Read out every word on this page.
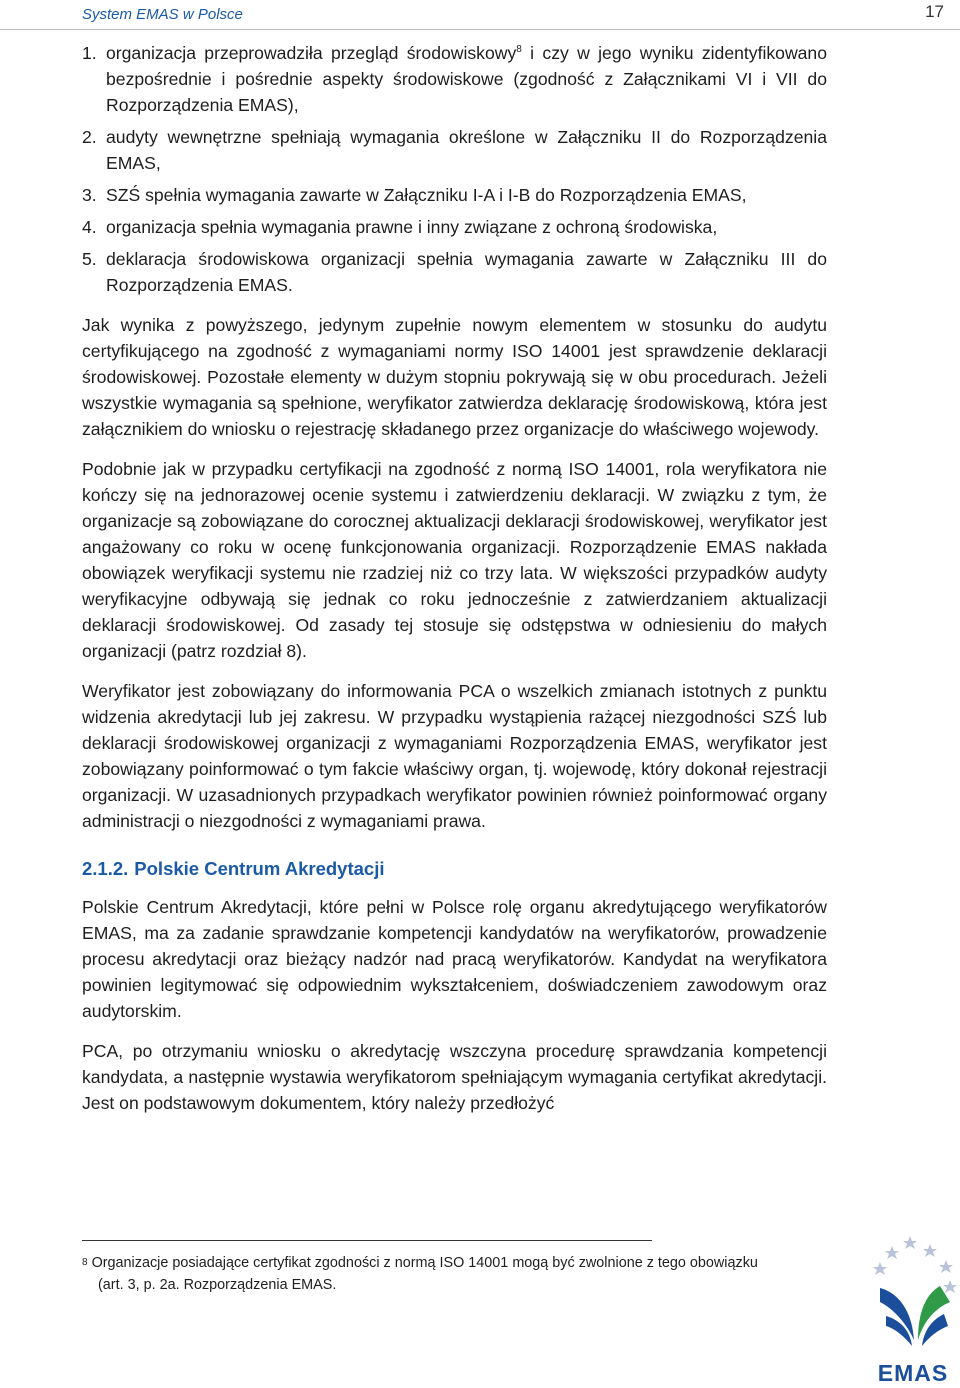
System EMAS w Polsce	17
1. organizacja przeprowadziła przegląd środowiskowy$^8$ i czy w jego wyniku zidentyfikowano bezpośrednie i pośrednie aspekty środowiskowe (zgodność z Załącznikami VI i VII do Rozporządzenia EMAS),
2. audyty wewnętrzne spełniają wymagania określone w Załączniku II do Rozporządzenia EMAS,
3. SZŚ spełnia wymagania zawarte w Załączniku I-A i I-B do Rozporządzenia EMAS,
4. organizacja spełnia wymagania prawne i inny związane z ochroną środowiska,
5. deklaracja środowiskowa organizacji spełnia wymagania zawarte w Załączniku III do Rozporządzenia EMAS.

Jak wynika z powyższego, jedynym zupełnie nowym elementem w stosunku do audytu certyfikującego na zgodność z wymaganiami normy ISO 14001 jest sprawdzenie deklaracji środowiskowej. Pozostałe elementy w dużym stopniu pokrywają się w obu procedurach. Jeżeli wszystkie wymagania są spełnione, weryfikator zatwierdza deklarację środowiskową, która jest załącznikiem do wniosku o rejestrację składanego przez organizacje do właściwego wojewody.

Podobnie jak w przypadku certyfikacji na zgodność z normą ISO 14001, rola weryfikatora nie kończy się na jednorazowej ocenie systemu i zatwierdzeniu deklaracji. W związku z tym, że organizacje są zobowiązane do corocznej aktualizacji deklaracji środowiskowej, weryfikator jest angażowany co roku w ocenę funkcjonowania organizacji. Rozporządzenie EMAS nakłada obowiązek weryfikacji systemu nie rzadziej niż co trzy lata. W większości przypadków audyty weryfikacyjne odbywają się jednak co roku jednocześnie z zatwierdzaniem aktualizacji deklaracji środowiskowej. Od zasady tej stosuje się odstępstwa w odniesieniu do małych organizacji (patrz rozdział 8).

Weryfikator jest zobowiązany do informowania PCA o wszelkich zmianach istotnych z punktu widzenia akredytacji lub jej zakresu. W przypadku wystąpienia rażącej niezgodności SZŚ lub deklaracji środowiskowej organizacji z wymaganiami Rozporządzenia EMAS, weryfikator jest zobowiązany poinformować o tym fakcie właściwy organ, tj. wojewodę, który dokonał rejestracji organizacji. W uzasadnionych przypadkach weryfikator powinien również poinformować organy administracji o niezgodności z wymaganiami prawa.

2.1.2. Polskie Centrum Akredytacji

Polskie Centrum Akredytacji, które pełni w Polsce rolę organu akredytującego weryfikatorów EMAS, ma za zadanie sprawdzanie kompetencji kandydatów na weryfikatorów, prowadzenie procesu akredytacji oraz bieżący nadzór nad pracą weryfikatorów. Kandydat na weryfikatora powinien legitymować się odpowiednim wykształceniem, doświadczeniem zawodowym oraz audytorskim.

PCA, po otrzymaniu wniosku o akredytację wszczyna procedurę sprawdzania kompetencji kandydata, a następnie wystawia weryfikatorom spełniającym wymagania certyfikat akredytacji. Jest on podstawowym dokumentem, który należy przedłożyć

$^8$ Organizacje posiadające certyfikat zgodności z normą ISO 14001 mogą być zwolnione z tego obowiązku
(art. 3, p. 2a. Rozporządzenia EMAS.
EMAS
